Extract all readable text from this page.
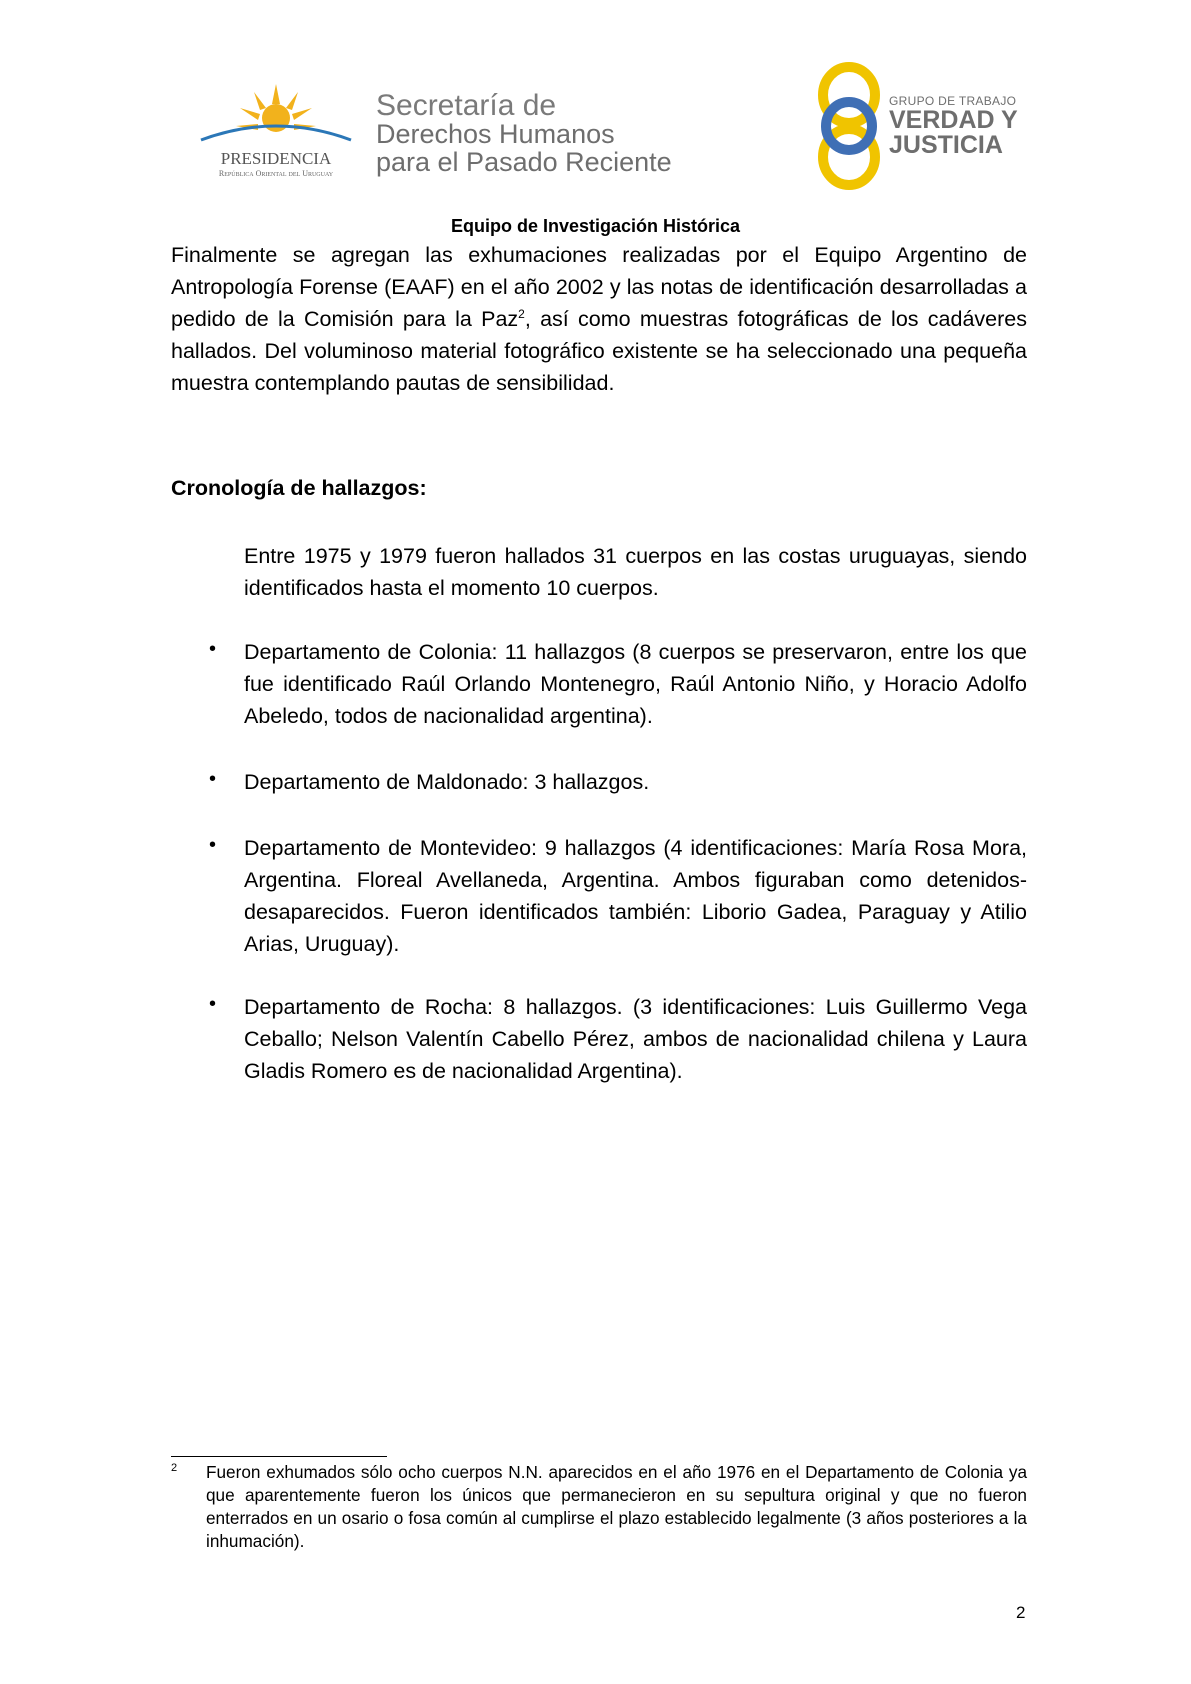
PRESIDENCIA
República Oriental del Uruguay
Secretaría de
Derechos Humanos
para el Pasado Reciente
GRUPO DE TRABAJO
VERDAD Y
JUSTICIA
Equipo de Investigación Histórica

Finalmente se agregan las exhumaciones realizadas por el Equipo Argentino de Antropología Forense (EAAF) en el año 2002 y las notas de identificación desarrolladas a pedido de la Comisión para la Paz$^2$, así como muestras fotográficas de los cadáveres hallados. Del voluminoso material fotográfico existente se ha seleccionado una pequeña muestra contemplando pautas de sensibilidad.

Cronología de hallazgos:

Entre 1975 y 1979 fueron hallados 31 cuerpos en las costas uruguayas, siendo identificados hasta el momento 10 cuerpos.

• Departamento de Colonia: 11 hallazgos (8 cuerpos se preservaron, entre los que fue identificado Raúl Orlando Montenegro, Raúl Antonio Niño, y Horacio Adolfo Abeledo, todos de nacionalidad argentina).

• Departamento de Maldonado: 3 hallazgos.

• Departamento de Montevideo: 9 hallazgos (4 identificaciones: María Rosa Mora, Argentina. Floreal Avellaneda, Argentina. Ambos figuraban como detenidos-desaparecidos. Fueron identificados también: Liborio Gadea, Paraguay y Atilio Arias, Uruguay).

• Departamento de Rocha: 8 hallazgos. (3 identificaciones: Luis Guillermo Vega Ceballo; Nelson Valentín Cabello Pérez, ambos de nacionalidad chilena y Laura Gladis Romero es de nacionalidad Argentina).

2 Fueron exhumados sólo ocho cuerpos N.N. aparecidos en el año 1976 en el Departamento de Colonia ya que aparentemente fueron los únicos que permanecieron en su sepultura original y que no fueron enterrados en un osario o fosa común al cumplirse el plazo establecido legalmente (3 años posteriores a la inhumación).

2
